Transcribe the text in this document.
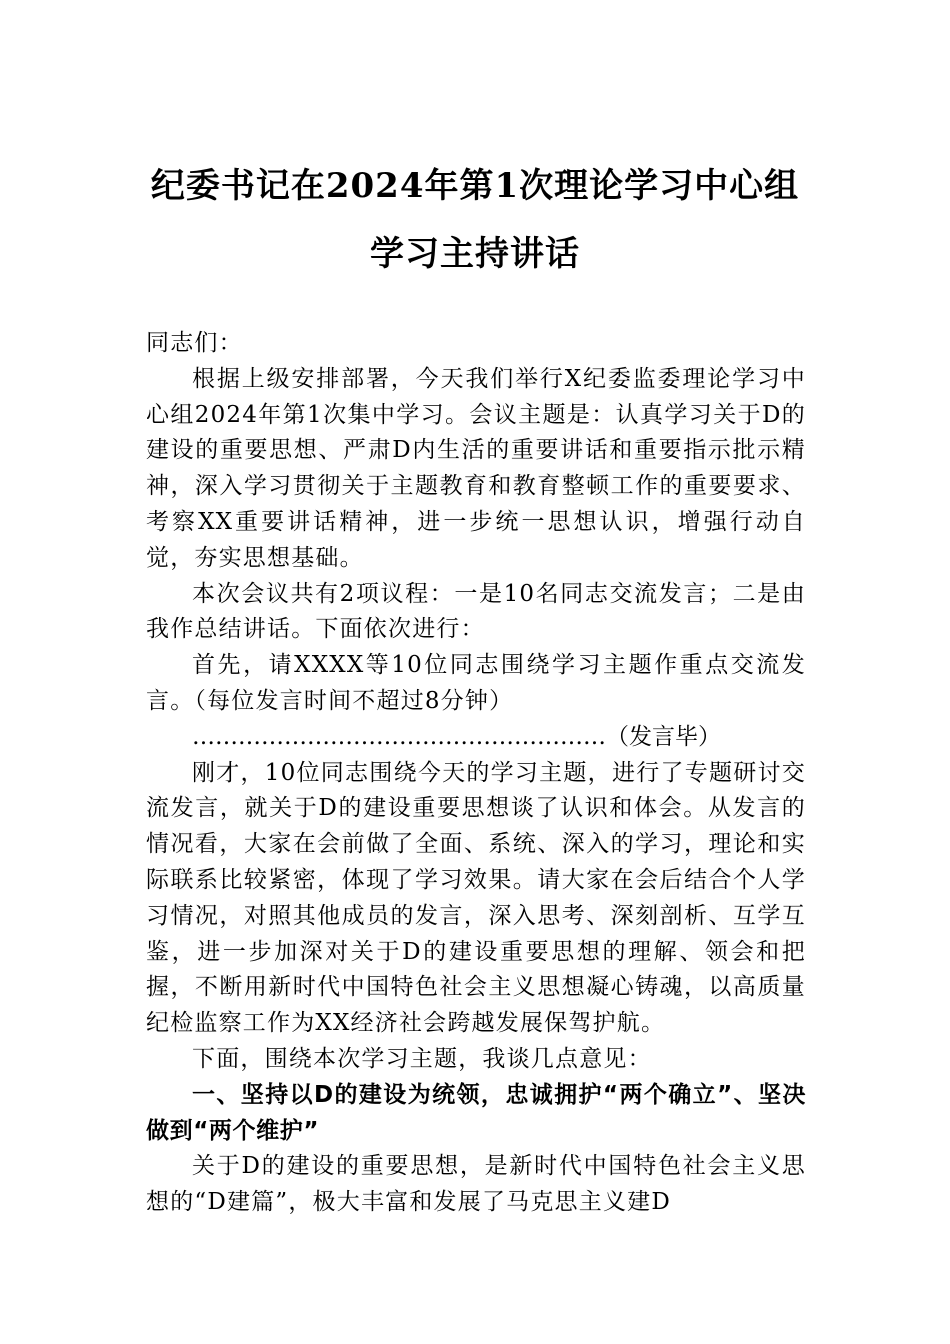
纪委书记在2024年第1次理论学习中心组
学习主持讲话

同志们：

根据上级安排部署，今天我们举行X纪委监委理论学习中心组2024年第1次集中学习。会议主题是：认真学习关于D的建设的重要思想、严肃D内生活的重要讲话和重要指示批示精神，深入学习贯彻关于主题教育和教育整顿工作的重要要求、考察XX重要讲话精神，进一步统一思想认识，增强行动自觉，夯实思想基础。

本次会议共有2项议程：一是10名同志交流发言；二是由我作总结讲话。下面依次进行：

首先，请XXXX等10位同志围绕学习主题作重点交流发言。（每位发言时间不超过8分钟）

………………………………………………（发言毕）

刚才，10位同志围绕今天的学习主题，进行了专题研讨交流发言，就关于D的建设重要思想谈了认识和体会。从发言的情况看，大家在会前做了全面、系统、深入的学习，理论和实际联系比较紧密，体现了学习效果。请大家在会后结合个人学习情况，对照其他成员的发言，深入思考、深刻剖析、互学互鉴，进一步加深对关于D的建设重要思想的理解、领会和把握，不断用新时代中国特色社会主义思想凝心铸魂，以高质量纪检监察工作为XX经济社会跨越发展保驾护航。

下面，围绕本次学习主题，我谈几点意见：

一、坚持以D的建设为统领，忠诚拥护“两个确立”、坚决做到“两个维护”

关于D的建设的重要思想，是新时代中国特色社会主义思想的“D建篇”，极大丰富和发展了马克思主义建D
